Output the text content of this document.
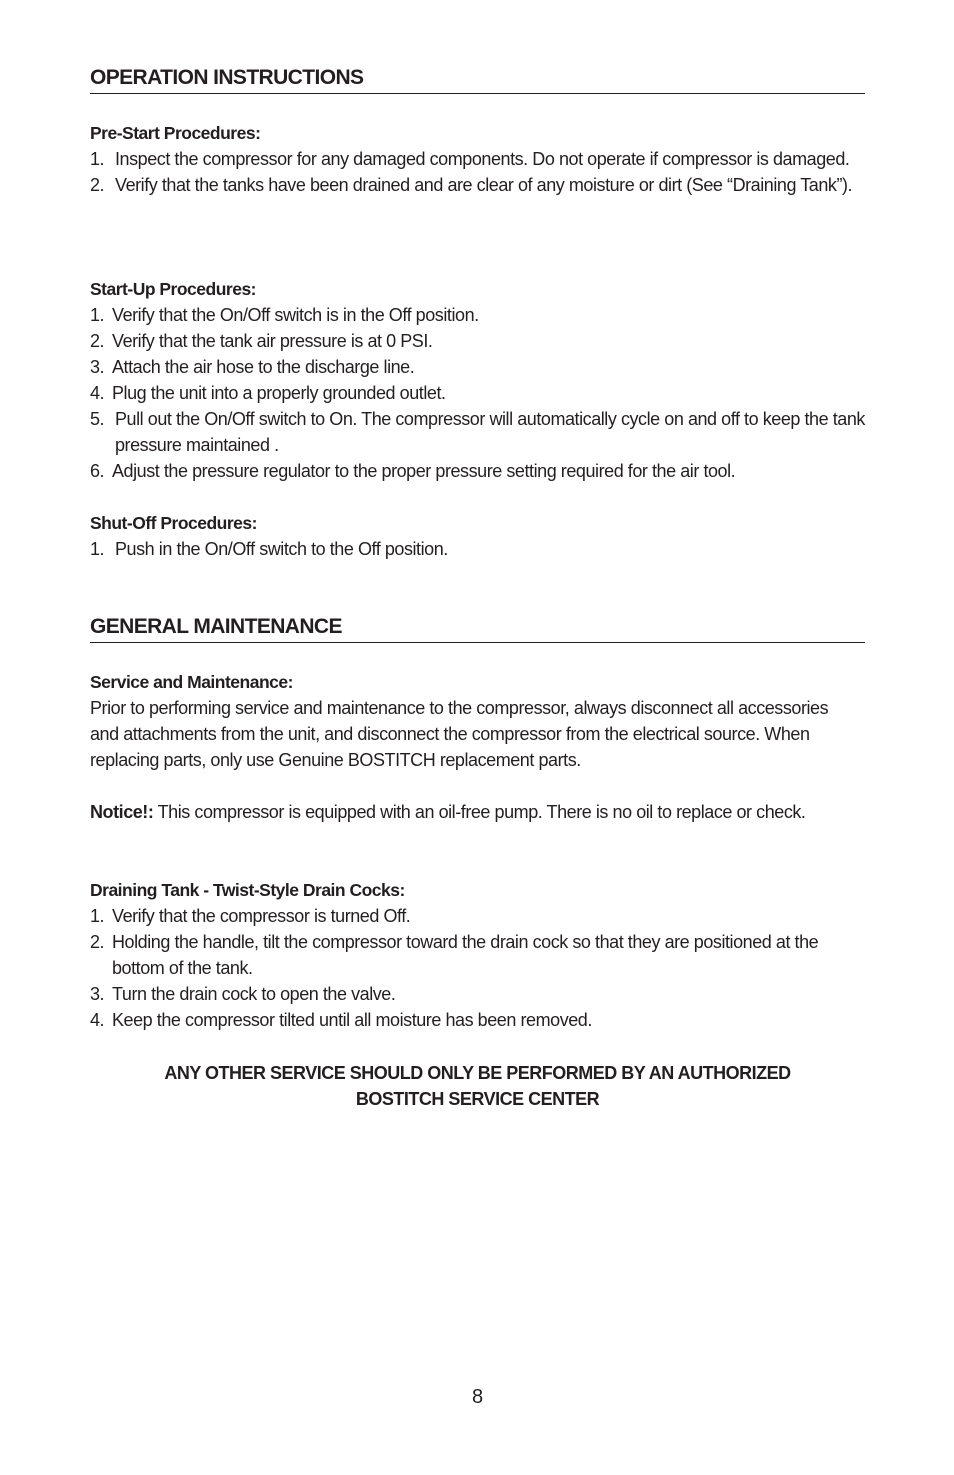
OPERATION INSTRUCTIONS

Pre-Start Procedures:

1. Inspect the compressor for any damaged components. Do not operate if compressor is damaged.
2. Verify that the tanks have been drained and are clear of any moisture or dirt (See “Draining Tank”).

Start-Up Procedures:

1. Verify that the On/Off switch is in the Off position.
2. Verify that the tank air pressure is at 0 PSI.
3. Attach the air hose to the discharge line.
4. Plug the unit into a properly grounded outlet.
5. Pull out the On/Off switch to On. The compressor will automatically cycle on and off to keep the tank pressure maintained .
6. Adjust the pressure regulator to the proper pressure setting required for the air tool.

Shut-Off Procedures:

1. Push in the On/Off switch to the Off position.
GENERAL MAINTENANCE

Service and Maintenance:

Prior to performing service and maintenance to the compressor, always disconnect all accessories and attachments from the unit, and disconnect the compressor from the electrical source. When replacing parts, only use Genuine BOSTITCH replacement parts.

Notice!: This compressor is equipped with an oil-free pump. There is no oil to replace or check.

Draining Tank - Twist-Style Drain Cocks:

1. Verify that the compressor is turned Off.
2. Holding the handle, tilt the compressor toward the drain cock so that they are positioned at the bottom of the tank.
3. Turn the drain cock to open the valve.
4. Keep the compressor tilted until all moisture has been removed.

ANY OTHER SERVICE SHOULD ONLY BE PERFORMED BY AN AUTHORIZED

BOSTITCH SERVICE CENTER

8
